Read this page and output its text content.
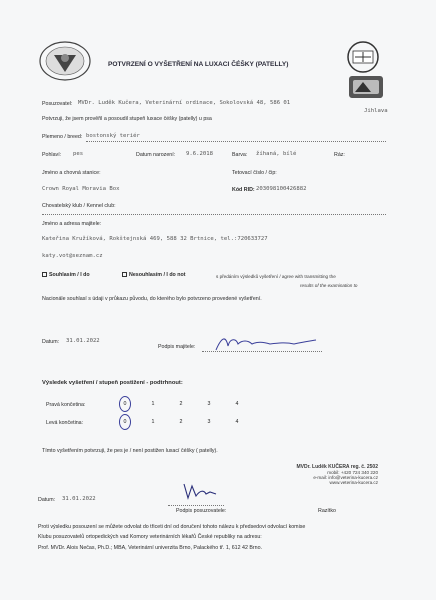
POTVRZENÍ O VYŠETŘENÍ NA LUXACI ČÉŠKY (PATELLY)
Posuzovatel: MVDr. Luděk Kučera, Veterinární ordinace, Sokolovská 48, 586 01
Jihlava
Potvrzuji, že jsem prověřil a posoudil stupeň luxace čéšky (patelly) u psa
Plemeno / breed: bostonský teriér
Pohlaví: pes	Datum narození: 9.6.2018	Barva: žíhaná, bílé	Ráz:
Jméno a chovná stanice:	Tetovací číslo / čip:
Crown Royal Moravia Box	Kód RID: 203098100426882
Chovatelský klub / Kennel club:
Jméno a adresa majitele:
Kateřina Kružíková, Rokštejnská 469, 588 32 Brtnice, tel.:720633727
katy.vot@seznam.cz
Souhlasím / I do	Nesouhlasím / I do not	s předáním výsledků vyšetření / agree with transmitting the
results of the examination to
Nacionále souhlasí s údaji v průkazu původu, do kterého bylo potvrzeno provedené vyšetření.
Datum: 31.01.2022
Podpis majitele:
Výsledek vyšetření / stupeň postižení - podtrhnout:
Pravá končetina:	0	1	2	3	4
Levá končetina:	0	1	2	3	4
Tímto vyšetřením potvrzuji, že pes je / není postižen luxací čéšky ( patelly).
MVDr. Luděk KUČERA reg. č. 2502
mobil: +420 724 340 220
e-mail: info@veterina-kucera.cz
www.veterina-kucera.cz
Datum: 31.01.2022
Podpis posuzovatele:	Razítko
Proti výsledku posouzení se můžete odvolat do třiceti dní od doručení tohoto nálezu k předsedovi odvolací komise
Klubu posuzovatelů ortopedických vad Komory veterinárních lékařů České republiky na adresu:
Prof. MVDr. Alois Nečas, Ph.D.; MBA, Veterinární univerzita Brno, Palackého tř. 1, 612 42 Brno.
